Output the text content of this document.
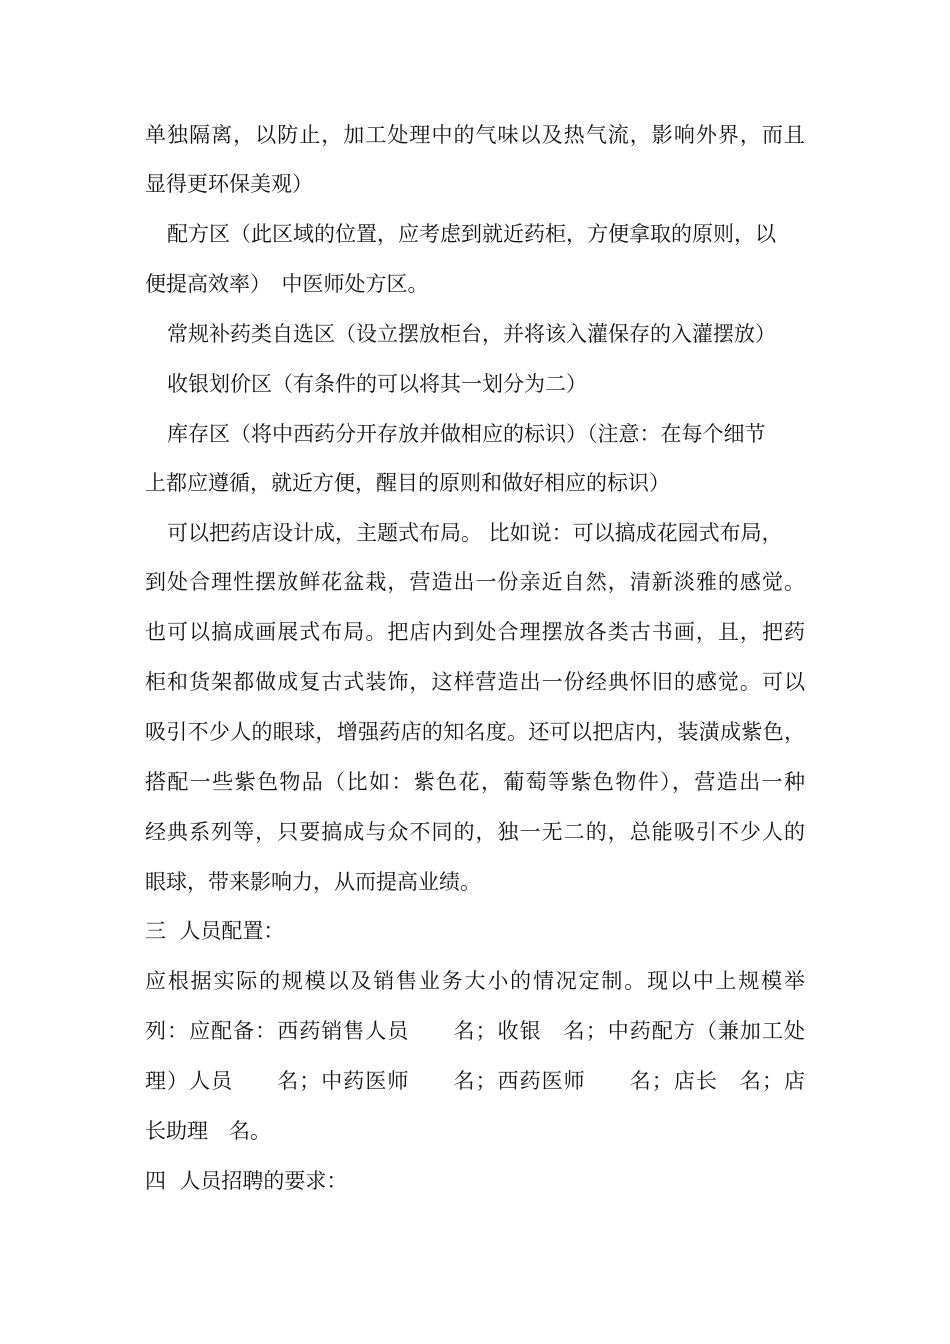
单独隔离，以防止，加工处理中的气味以及热气流，影响外界，而且
显得更环保美观）
配方区（此区域的位置，应考虑到就近药柜，方便拿取的原则，以
便提高效率）　中医师处方区。
常规补药类自选区（设立摆放柜台，并将该入灌保存的入灌摆放）
收银划价区（有条件的可以将其一划分为二）
库存区（将中西药分开存放并做相应的标识）（注意：在每个细节
上都应遵循，就近方便，醒目的原则和做好相应的标识）
可以把药店设计成，主题式布局。 比如说：可以搞成花园式布局，
到处合理性摆放鲜花盆栽，营造出一份亲近自然，清新淡雅的感觉。
也可以搞成画展式布局。把店内到处合理摆放各类古书画，且，把药
柜和货架都做成复古式装饰，这样营造出一份经典怀旧的感觉。可以
吸引不少人的眼球，增强药店的知名度。还可以把店内，装潢成紫色，
搭配一些紫色物品（比如：紫色花，葡萄等紫色物件），营造出一种
经典系列等，只要搞成与众不同的，独一无二的，总能吸引不少人的
眼球，带来影响力，从而提高业绩。
三  人员配置：
应根据实际的规模以及销售业务大小的情况定制。现以中上规模举
列：应配备：西药销售人员　　名；收银　名；中药配方（兼加工处
理）人员　　名；中药医师　　名；西药医师　　名；店长　名；店
长助理　名。
四  人员招聘的要求：
